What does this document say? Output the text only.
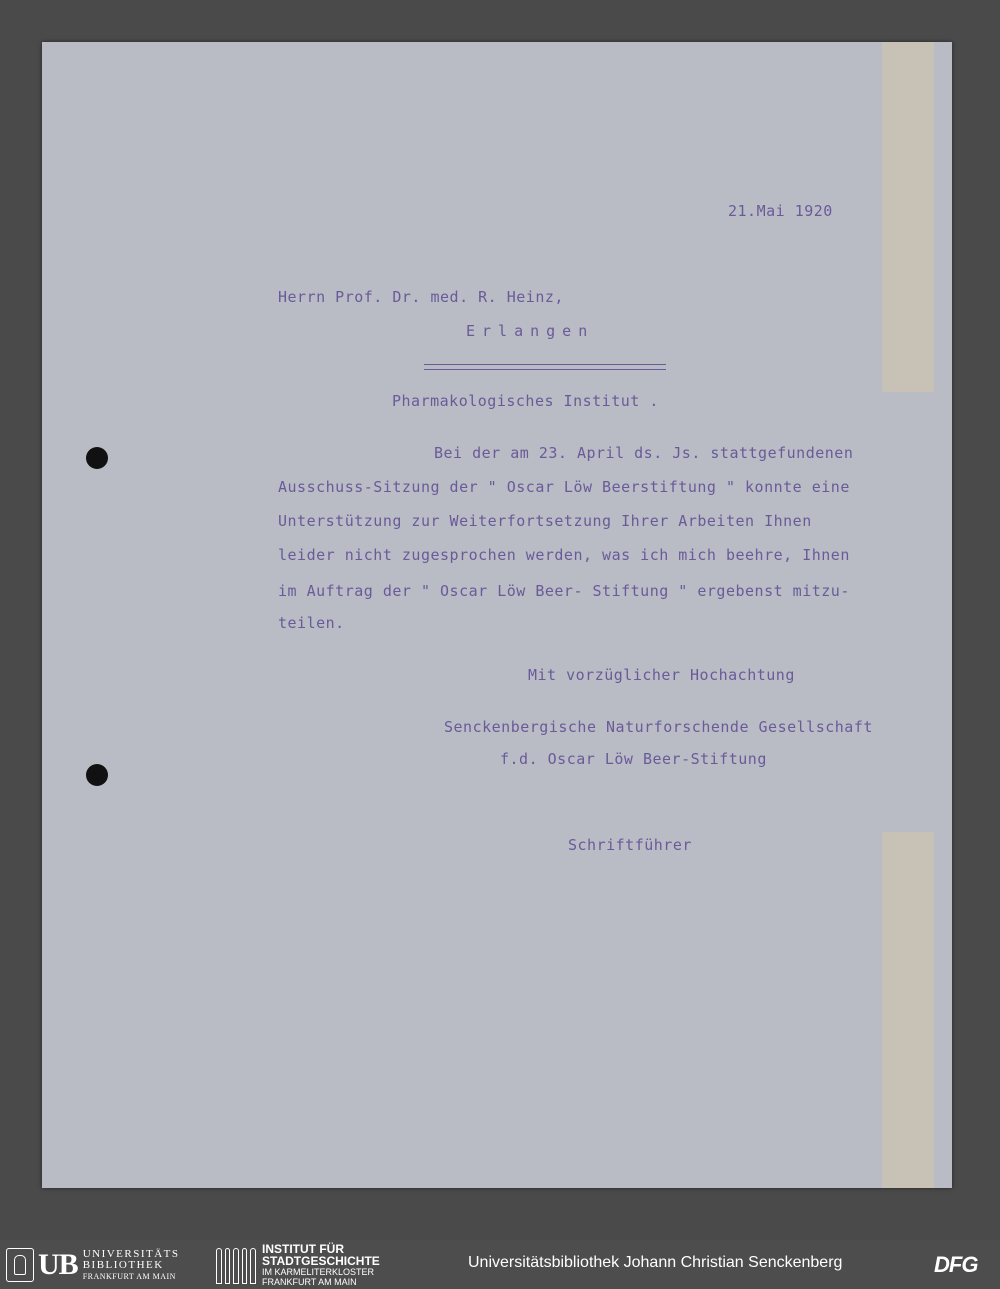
21.Mai 1920
Herrn Prof. Dr. med. R. Heinz,
Erlangen
Pharmakologisches Institut .
Bei der am 23. April ds. Js. stattgefundenen
Ausschuss-Sitzung der " Oscar Löw Beerstiftung " konnte eine
Unterstützung zur Weiterfortsetzung Ihrer Arbeiten Ihnen
leider nicht zugesprochen werden, was ich mich beehre, Ihnen
im Auftrag der " Oscar Löw Beer- Stiftung " ergebenst mitzu-
teilen.
Mit vorzüglicher Hochachtung
Senckenbergische Naturforschende Gesellschaft
f.d. Oscar Löw Beer-Stiftung
Schriftführer
UB UNIVERSITÄTS
BIBLIOTHEK
FRANKFURT AM MAIN
INSTITUT FÜR
STADTGESCHICHTE
IM KARMELITERKLOSTER
FRANKFURT AM MAIN
Universitätsbibliothek Johann Christian Senckenberg	DFG
